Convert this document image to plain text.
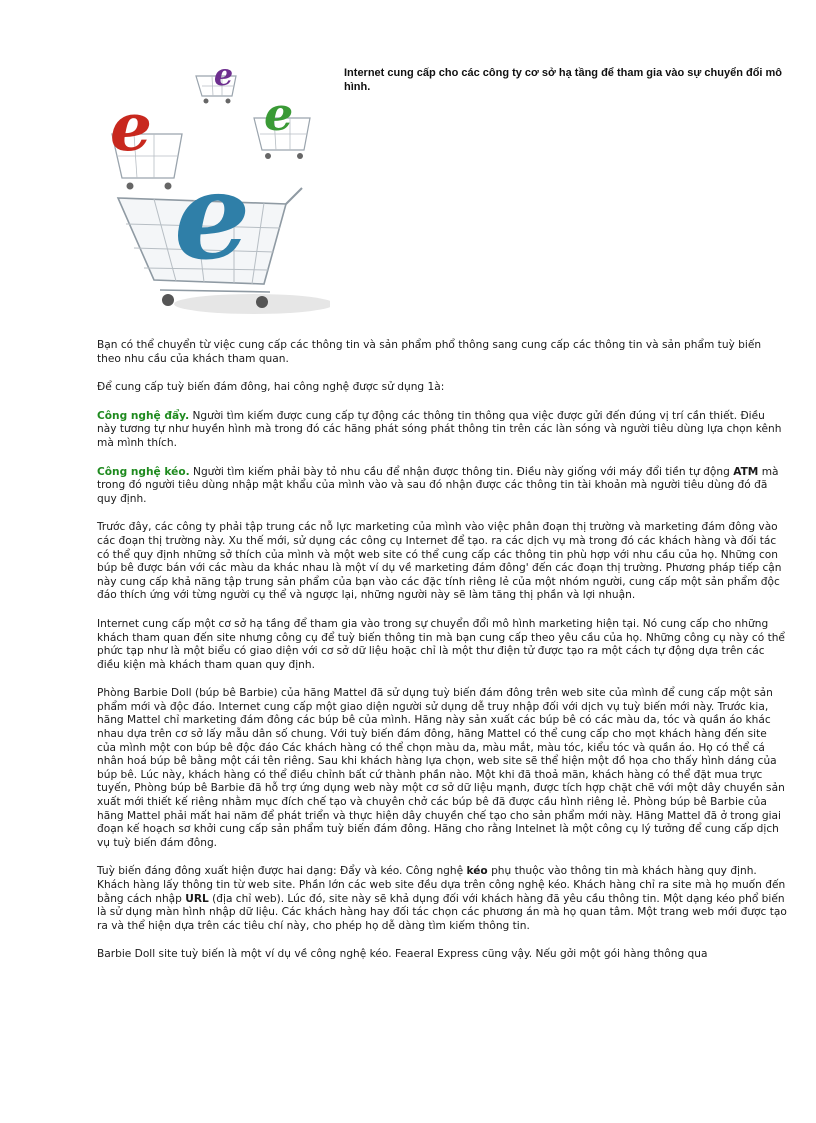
e
e
e
e
Internet cung cấp cho các công ty cơ sở hạ tầng để tham gia vào sự chuyển đổi mô hình.

Bạn có thể chuyển từ việc cung cấp các thông tin và sản phẩm phổ thông sang cung cấp các thông tin và sản phẩm tuỳ biến theo nhu cầu của khách tham quan.

Để cung cấp tuỳ biến đám đông, hai công nghệ được sử dụng 1à:

Công nghệ đẩy. Người tìm kiếm được cung cấp tự động các thông tin thông qua việc được gửi đến đúng vị trí cần thiết. Điều này tương tự như huyền hình mà trong đó các hãng phát sóng phát thông tin trên các làn sóng và người tiêu dùng lựa chọn kênh mà mình thích.

Công nghệ kéo. Người tìm kiếm phải bày tỏ nhu cầu để nhận được thông tin. Điều này giống với máy đổi tiền tự động ATM mà trong đó người tiêu dùng nhập mật khẩu của mình vào và sau đó nhận được các thông tin tài khoản mà người tiêu dùng đó đã quy định.

Trước đây, các công ty phải tập trung các nỗ lực marketing của mình vào việc phân đoạn thị trường và marketing đám đông vào các đoạn thị trường này. Xu thế mới, sử dụng các công cụ Internet để tạo. ra các dịch vụ mà trong đó các khách hàng và đối tác có thể quy định những sở thích của mình và một web site có thể cung cấp các thông tin phù hợp với nhu cầu của họ. Những con búp bê được bán với các màu da khác nhau là một ví dụ về marketing đám đông' đến các đoạn thị trường. Phương pháp tiếp cận này cung cấp khả năng tập trung sản phẩm của bạn vào các đặc tính riêng lẻ của một nhóm người, cung cấp một sản phẩm độc đáo thích ứng với từng người cụ thể và ngược lại, những người này sẽ làm tăng thị phần và lợi nhuận.

Internet cung cấp một cơ sở hạ tầng để tham gia vào trong sự chuyển đổi mô hình marketing hiện tại. Nó cung cấp cho những khách tham quan đến site nhưng công cụ để tuỳ biến thông tin mà bạn cung cấp theo yêu cầu của họ. Những công cụ này có thể phức tạp như là một biểu có giao diện với cơ sở dữ liệu hoặc chỉ là một thư điện tử được tạo ra một cách tự động dựa trên các điều kiện mà khách tham quan quy định.

Phòng Barbie Doll (búp bê Barbie) của hãng Mattel đã sử dụng tuỳ biến đám đông trên web site của mình để cung cấp một sản phẩm mới và độc đáo. Internet cung cấp một giao diện người sử dụng dễ truy nhập đối với dịch vụ tuỳ biến mới này. Trước kia, hãng Mattel chỉ marketing đám đông các búp bê của mình. Hãng này sản xuất các búp bê có các màu da, tóc và quần áo khác nhau dựa trên cơ sở lấy mẫu dân số chung. Với tuỳ biến đám đông, hãng Mattel có thể cung cấp cho mọt khách hàng đến site của mình một con búp bê độc đáo Các khách hàng có thể chọn màu da, màu mắt, màu tóc, kiểu tóc và quần áo. Họ có thể cá nhân hoá búp bê bằng một cái tên riêng. Sau khi khách hàng lựa chọn, web site sẽ thể hiện một đồ họa cho thấy hình dáng của búp bê. Lúc này, khách hàng có thể điều chỉnh bất cứ thành phần nào. Một khi đã thoả mãn, khách hàng có thể đặt mua trực tuyến, Phòng búp bê Barbie đã hỗ trợ ứng dụng web này một cơ sở dữ liệu mạnh, được tích hợp chặt chẽ với một dây chuyền sản xuất mới thiết kế riêng nhằm mục đích chế tạo và chuyên chở các búp bê đã được cầu hình riêng lẻ. Phòng búp bê Barbie của hãng Mattel phải mất hai năm để phát triển và thực hiện dây chuyền chế tạo cho sản phẩm mới này. Hãng Mattel đã ở trong giai đoạn kế hoạch sơ khởi cung cấp sản phẩm tuỳ biến đám đông. Hãng cho rằng Intelnet là một công cụ lý tưởng để cung cấp dịch vụ tuỳ biến đám đông.

Tuỳ biến đáng đông xuất hiện được hai dạng: Đẩy và kéo. Công nghệ kéo phụ thuộc vào thông tin mà khách hàng quy định. Khách hàng lấy thông tin từ web site. Phần lớn các web site đều dựa trên công nghệ kéo. Khách hàng chỉ ra site mà họ muốn đến bằng cách nhập URL (địa chỉ web). Lúc đó, site này sẽ khả dụng đối với khách hàng đã yêu cầu thông tin. Một dạng kéo phổ biến là sử dụng màn hình nhập dữ liệu. Các khách hàng hay đối tác chọn các phương án mà họ quan tâm. Một trang web mới được tạo ra và thể hiện dựa trên các tiêu chí này, cho phép họ dễ dàng tìm kiếm thông tin.

Barbie Doll site tuỳ biến là một ví dụ về công nghệ kéo. Feaeral Express cũng vậy. Nếu gởi một gói hàng thông qua
